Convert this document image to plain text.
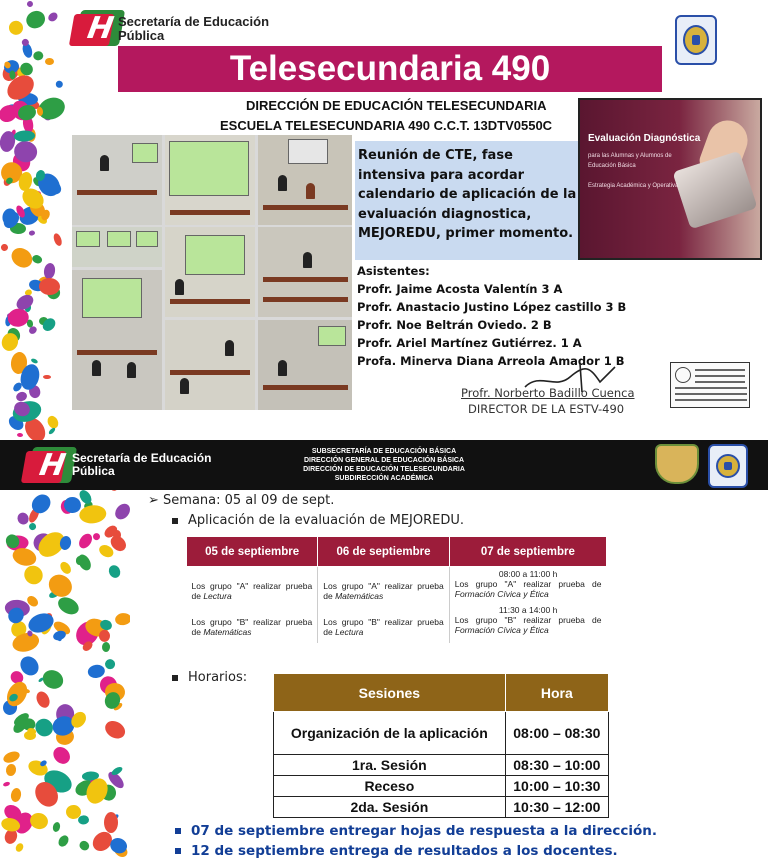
H Secretaría de Educación
Pública
Telesecundaria 490
DIRECCIÓN DE EDUCACIÓN TELESECUNDARIA
ESCUELA TELESECUNDARIA 490 C.C.T. 13DTV0550C
Reunión de CTE, fase intensiva para acordar calendario de aplicación de la evaluación diagnostica, MEJOREDU, primer momento.
Evaluación Diagnóstica
para las Alumnas y Alumnos de
Educación Básica
Estrategia Académica y Operativa
Asistentes:
Profr. Jaime Acosta Valentín 3 A
Profr. Anastacio Justino López castillo 3 B
Profr. Noe Beltrán Oviedo. 2 B
Profr. Ariel Martínez Gutiérrez. 1 A
Profa. Minerva Diana Arreola Amador 1 B
Profr. Norberto Badillo Cuenca
DIRECTOR DE LA ESTV-490
H Secretaría de Educación
Pública
SUBSECRETARÍA DE EDUCACIÓN BÁSICA
DIRECCIÓN GENERAL DE EDUCACIÓN BÁSICA
DIRECCIÓN DE EDUCACIÓN TELESECUNDARIA
SUBDIRECCIÓN ACADÉMICA
➢ Semana: 05 al 09 de sept.
Aplicación de la evaluación de MEJOREDU.
05 de septiembre	06 de septiembre	07 de septiembre
Los grupo "A" realizar prueba de Lectura	Los grupo "A" realizar prueba de Matemáticas	08:00 a 11:00 h
Los grupo "A" realizar prueba de Formación Cívica y Ética
Los grupo "B" realizar prueba de Matemáticas	Los grupo "B" realizar prueba de Lectura	11:30 a 14:00 h
Los grupo "B" realizar prueba de Formación Cívica y Ética
Horarios:
Sesiones	Hora
Organización de la aplicación	08:00 – 08:30
1ra. Sesión	08:30 – 10:00
Receso	10:00 – 10:30
2da. Sesión	10:30 – 12:00
07 de septiembre entregar hojas de respuesta a la dirección.
12 de septiembre entrega de resultados a los docentes.
